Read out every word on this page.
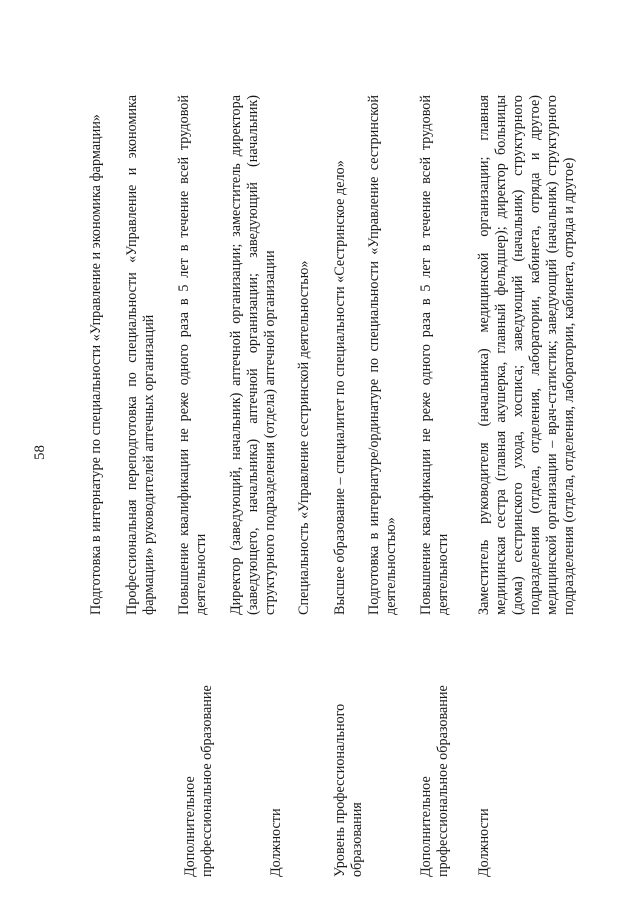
58	Подготовка в интернатуре по специальности «Управление и экономика фармации»
Дополнительное профессиональное образование
Профессиональная переподготовка по специальности «Управление и экономика фармации» руководителей аптечных организаций Повышение квалификации не реже одного раза в 5 лет в течение всей трудовой деятельности
Должности
Директор (заведующий, начальник) аптечной организации; заместитель директора (заведующего, начальника) аптечной организации; заведующий (начальник) структурного подразделения (отдела) аптечной организации Специальность «Управление сестринской деятельностью»
Уровень профессионального образования
Высшее образование – специалитет по специальности «Сестринское дело» Подготовка в интернатуре/ординатуре по специальности «Управление сестринской деятельностью»
Дополнительное профессиональное образование
Повышение квалификации не реже одного раза в 5 лет в течение всей трудовой деятельности
Должности
Заместитель руководителя (начальника) медицинской организации; главная медицинская сестра (главная акушерка, главный фельдшер); директор больницы (дома) сестринского ухода, хосписа; заведующий (начальник) структурного подразделения (отдела, отделения, лаборатории, кабинета, отряда и другое) медицинской организации – врач-статистик; заведующий (начальник) структурного подразделения (отдела, отделения, лаборатории, кабинета, отряда и другое)
